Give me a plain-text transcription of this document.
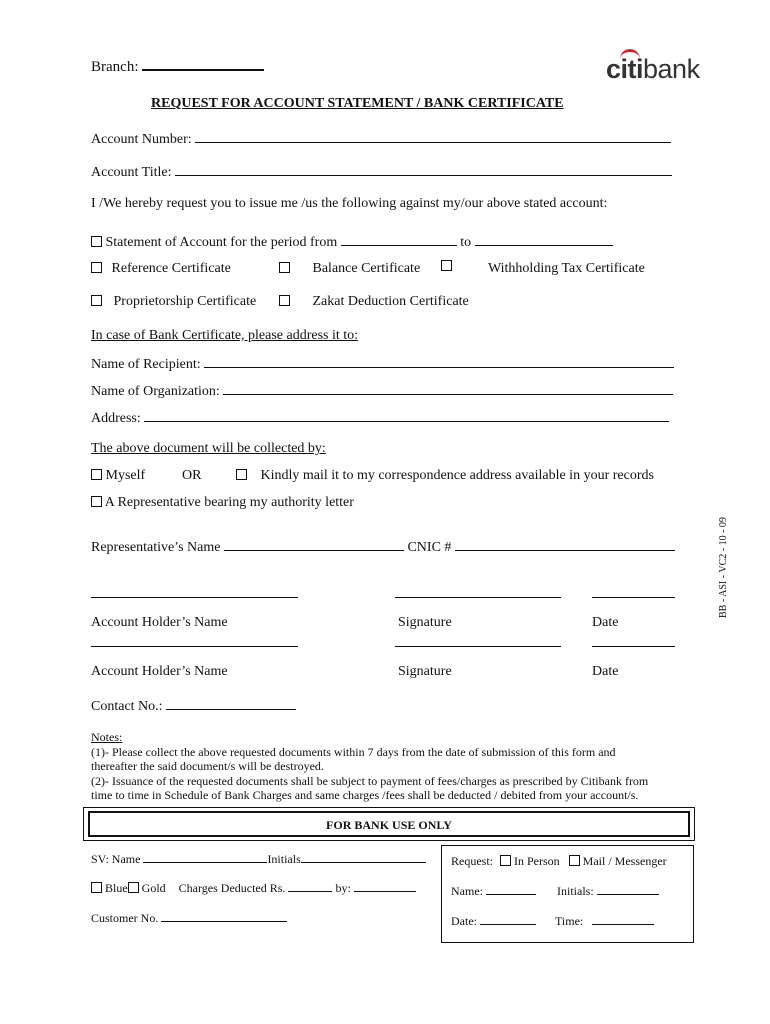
Branch:	citibank
REQUEST FOR ACCOUNT STATEMENT / BANK CERTIFICATE
Account Number:
Account Title:
I /We hereby request you to issue me /us the following against my/our above stated account:
Statement of Account for the period from	to
Reference Certificate	Balance Certificate	Withholding Tax Certificate
Proprietorship Certificate	Zakat Deduction Certificate
In case of Bank Certificate, please address it to:
Name of Recipient:
Name of Organization:
Address:
The above document will be collected by:
Myself	OR	Kindly mail it to my correspondence address available in your records
A Representative bearing my authority letter
Representative’s Name	CNIC #
Account Holder’s Name	Signature	Date
Account Holder’s Name	Signature	Date
Contact No.:
Notes:
(1)- Please collect the above requested documents within 7 days from the date of submission of this form and
thereafter the said document/s will be destroyed.
(2)- Issuance of the requested documents shall be subject to payment of fees/charges as prescribed by Citibank from
time to time in Schedule of Bank Charges and same charges /fees shall be deducted / debited from your account/s.
FOR BANK USE ONLY
SV: Name	Initials
Blue Gold Charges Deducted Rs.	by:
Customer No.
Request: In Person Mail / Messenger
Name:	Initials:
Date:	Time:
BB - ASI - VC2 - 10 - 09
